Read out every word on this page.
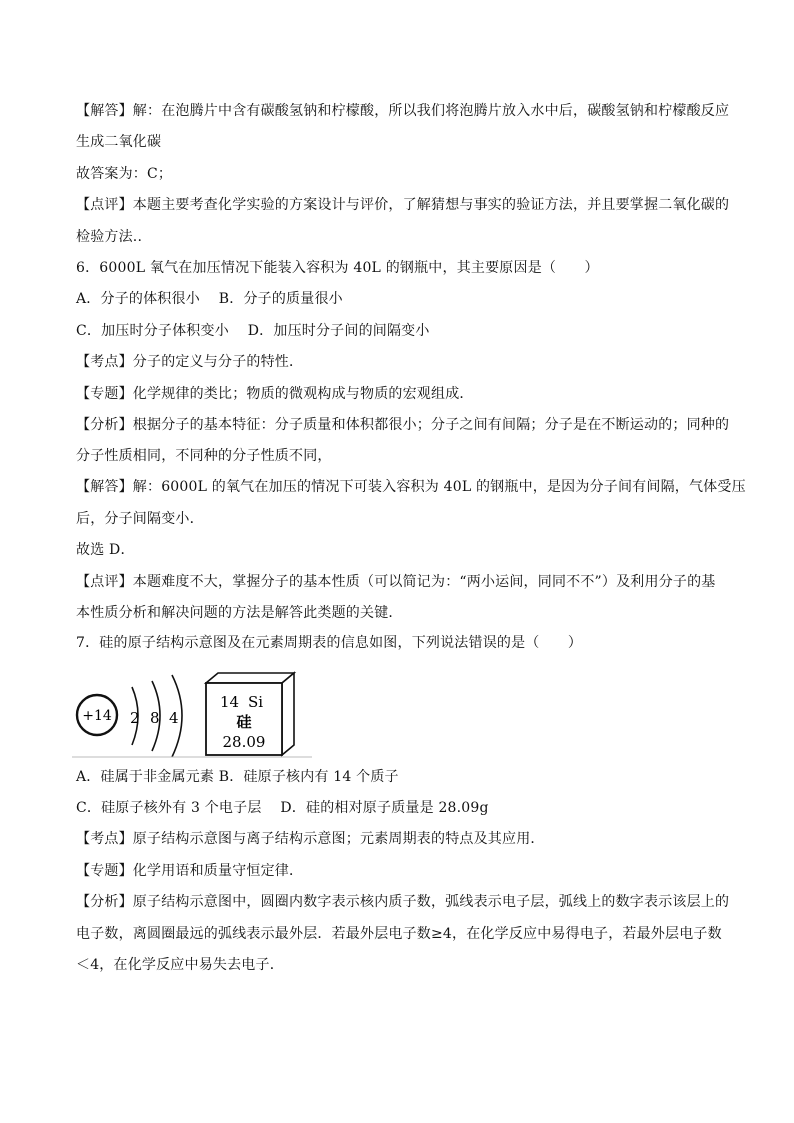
【解答】解：在泡腾片中含有碳酸氢钠和柠檬酸，所以我们将泡腾片放入水中后，碳酸氢钠和柠檬酸反应
生成二氧化碳
故答案为：C；
【点评】本题主要考查化学实验的方案设计与评价，了解猜想与事实的验证方法，并且要掌握二氧化碳的
检验方法..
6．6000L 氧气在加压情况下能装入容积为 40L 的钢瓶中，其主要原因是（　　）
A．分子的体积很小　 B．分子的质量很小
C．加压时分子体积变小　 D．加压时分子间的间隔变小
【考点】分子的定义与分子的特性．
【专题】化学规律的类比；物质的微观构成与物质的宏观组成．
【分析】根据分子的基本特征：分子质量和体积都很小；分子之间有间隔；分子是在不断运动的；同种的
分子性质相同，不同种的分子性质不同，
【解答】解：6000L 的氧气在加压的情况下可装入容积为 40L 的钢瓶中，是因为分子间有间隔，气体受压
后，分子间隔变小．
故选 D．
【点评】本题难度不大，掌握分子的基本性质（可以简记为：“两小运间，同同不不”）及利用分子的基
本性质分析和解决问题的方法是解答此类题的关键．
7．硅的原子结构示意图及在元素周期表的信息如图，下列说法错误的是（　　）
+14 2 8 4
14 Si
硅
28.09
A．硅属于非金属元素 B．硅原子核内有 14 个质子
C．硅原子核外有 3 个电子层　 D．硅的相对原子质量是 28.09g
【考点】原子结构示意图与离子结构示意图；元素周期表的特点及其应用．
【专题】化学用语和质量守恒定律．
【分析】原子结构示意图中，圆圈内数字表示核内质子数，弧线表示电子层，弧线上的数字表示该层上的
电子数，离圆圈最远的弧线表示最外层．若最外层电子数≥4，在化学反应中易得电子，若最外层电子数
＜4，在化学反应中易失去电子．
